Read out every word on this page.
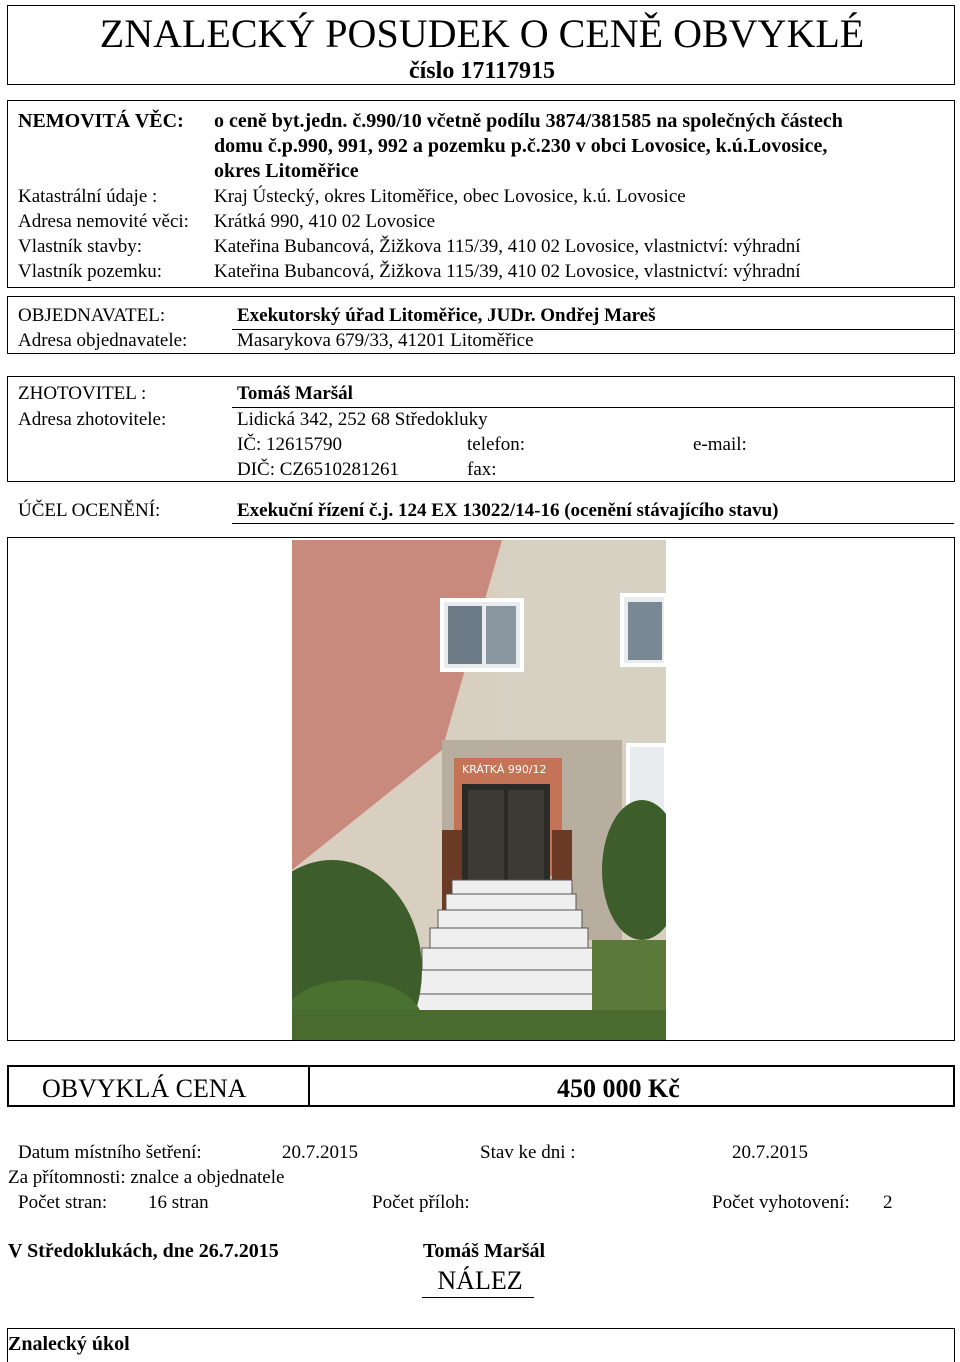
ZNALECKÝ POSUDEK O CENĚ OBVYKLÉ
číslo 17117915
NEMOVITÁ VĚC: o ceně byt.jedn. č.990/10 včetně podílu 3874/381585 na společných částech
domu č.p.990, 991, 992 a pozemku p.č.230 v obci Lovosice, k.ú.Lovosice,
okres Litoměřice
Katastrální údaje :	Kraj Ústecký, okres Litoměřice, obec Lovosice, k.ú. Lovosice
Adresa nemovité věci: Krátká 990, 410 02 Lovosice
Vlastník stavby:	Kateřina Bubancová, Žižkova 115/39, 410 02 Lovosice, vlastnictví: výhradní
Vlastník pozemku:	Kateřina Bubancová, Žižkova 115/39, 410 02 Lovosice, vlastnictví: výhradní
OBJEDNAVATEL:	Exekutorský úřad Litoměřice, JUDr. Ondřej Mareš
Adresa objednavatele:	Masarykova 679/33, 41201 Litoměřice
ZHOTOVITEL :	Tomáš Maršál
Adresa zhotovitele:	Lidická 342, 252 68 Středokluky
IČ: 12615790	telefon:	e-mail:
DIČ: CZ6510281261	fax:
ÚČEL OCENĚNÍ:	Exekuční řízení č.j. 124 EX 13022/14-16 (ocenění stávajícího stavu)
KRÁTKÁ 990/12
OBVYKLÁ CENA	450 000 Kč
Datum místního šetření:	20.7.2015	Stav ke dni :	20.7.2015
Za přítomnosti: znalce a objednatele
Počet stran: 16 stran	Počet příloh:	Počet vyhotovení: 2
V Středoklukách, dne 26.7.2015	Tomáš Maršál
NÁLEZ
Znalecký úkol
